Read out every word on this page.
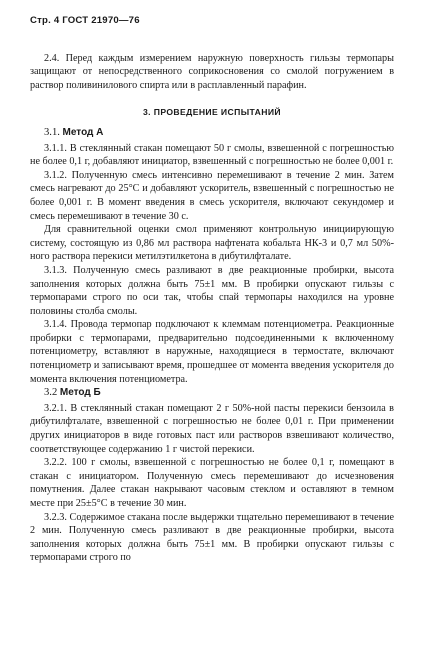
Стр. 4 ГОСТ 21970—76

2.4. Перед каждым измерением наружную поверхность гильзы термопары защищают от непосредственного соприкосновения со смолой погружением в раствор поливинилового спирта или в расплавленный парафин.

3. ПРОВЕДЕНИЕ ИСПЫТАНИЙ
3.1. Метод А

3.1.1. В стеклянный стакан помещают 50 г смолы, взвешенной с погрешностью не более 0,1 г, добавляют инициатор, взвешенный с погрешностью не более 0,001 г.

3.1.2. Полученную смесь интенсивно перемешивают в течение 2 мин. Затем смесь нагревают до 25°С и добавляют ускоритель, взвешенный с погрешностью не более 0,001 г. В момент введения в смесь ускорителя, включают секундомер и смесь перемешивают в течение 30 с.

Для сравнительной оценки смол применяют контрольную инициирующую систему, состоящую из 0,86 мл раствора нафтената кобальта НК-3 и 0,7 мл 50%-ного раствора перекиси метилэтилкетона в дибутилфталате.

3.1.3. Полученную смесь разливают в две реакционные пробирки, высота заполнения которых должна быть 75±1 мм. В пробирки опускают гильзы с термопарами строго по оси так, чтобы спай термопары находился на уровне половины столба смолы.

3.1.4. Провода термопар подключают к клеммам потенциометра. Реакционные пробирки с термопарами, предварительно подсоединенными к включенному потенциометру, вставляют в наружные, находящиеся в термостате, включают потенциометр и записывают время, прошедшее от момента введения ускорителя до момента включения потенциометра.

3.2 Метод Б

3.2.1. В стеклянный стакан помещают 2 г 50%-ной пасты перекиси бензоила в дибутилфталате, взвешенной с погрешностью не более 0,01 г. При применении других инициаторов в виде готовых паст или растворов взвешивают количество, соответствующее содержанию 1 г чистой перекиси.

3.2.2. 100 г смолы, взвешенной с погрешностью не более 0,1 г, помещают в стакан с инициатором. Полученную смесь перемешивают до исчезновения помутнения. Далее стакан накрывают часовым стеклом и оставляют в темном месте при 25±5°С в течение 30 мин.

3.2.3. Содержимое стакана после выдержки тщательно перемешивают в течение 2 мин. Полученную смесь разливают в две реакционные пробирки, высота заполнения которых должна быть 75±1 мм. В пробирки опускают гильзы с термопарами строго по
